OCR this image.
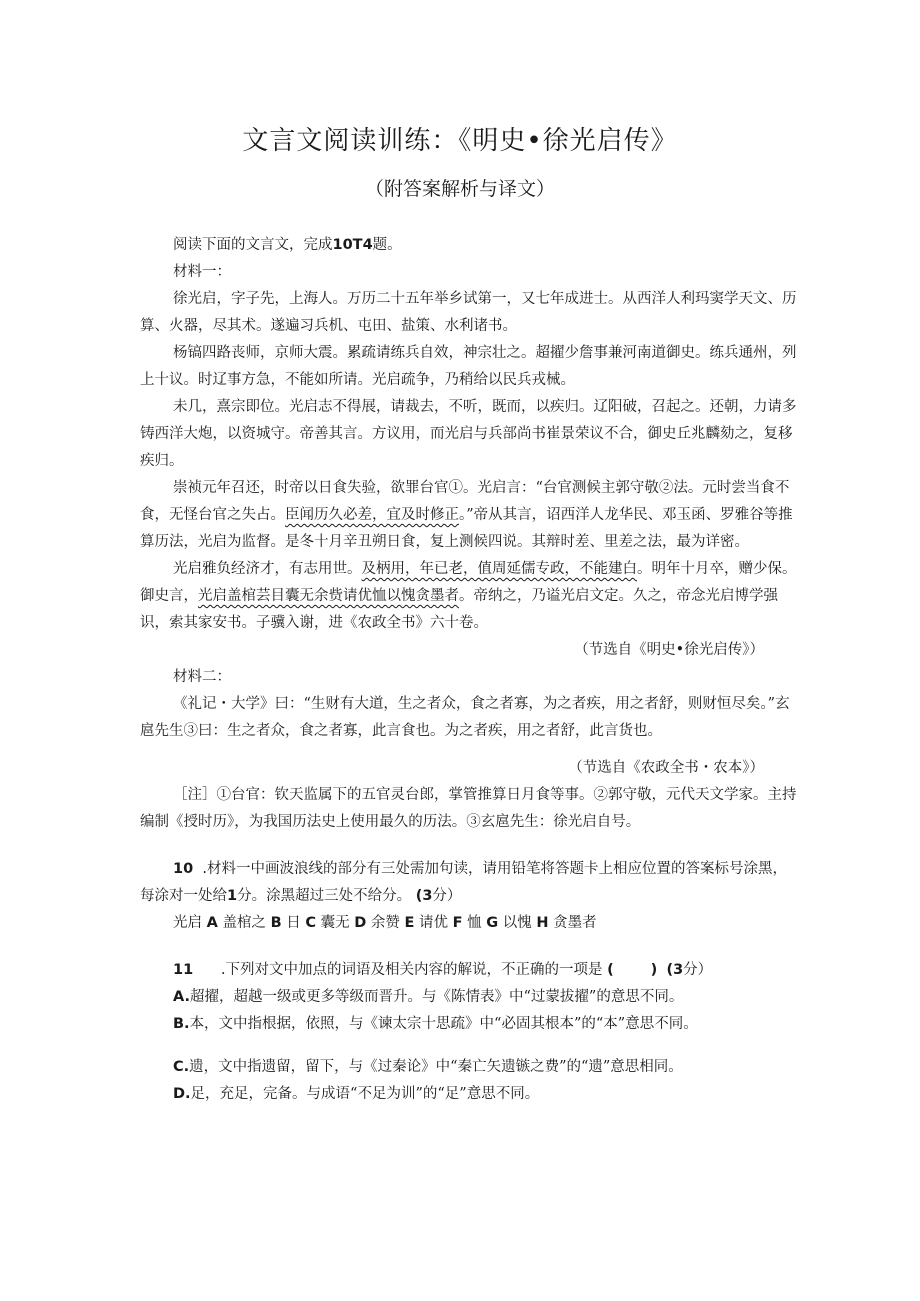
文言文阅读训练：《明史•徐光启传》
（附答案解析与译文）

阅读下面的文言文，完成10T4题。

材料一：

徐光启，字子先，上海人。万历二十五年举乡试第一，又七年成进士。从西洋人利玛窦学天文、历算、火器，尽其术。遂遍习兵机、屯田、盐策、水利诸书。

杨镐四路丧师，京师大震。累疏请练兵自效，神宗壮之。超擢少詹事兼河南道御史。练兵通州，列上十议。时辽事方急，不能如所请。光启疏争，乃稍给以民兵戎械。

未几，熹宗即位。光启志不得展，请裁去，不听，既而，以疾归。辽阳破，召起之。还朝，力请多铸西洋大炮，以资城守。帝善其言。方议用，而光启与兵部尚书崔景荣议不合，御史丘兆麟劾之，复移疾归。

崇祯元年召还，时帝以日食失验，欲罪台官①。光启言：“台官测候主郭守敬②法。元时尝当食不食，无怪台官之失占。臣闻历久必差，宜及时修正。”帝从其言，诏西洋人龙华民、邓玉函、罗雅谷等推算历法，光启为监督。是冬十月辛丑朔日食，复上测候四说。其辩时差、里差之法，最为详密。

光启雅负经济才，有志用世。及柄用，年已老，值周延儒专政，不能建白。明年十月卒，赠少保。御史言，光启盖棺芸目囊无余赀请优恤以愧贪墨者。帝纳之，乃谥光启文定。久之，帝念光启博学强识，索其家安书。子骥入谢，进《农政全书》六十卷。

（节选自《明史•徐光启传》）

材料二：

《礼记・大学》曰：“生财有大道，生之者众，食之者寡，为之者疾，用之者舒，则财恒尽矣。”玄扈先生③曰：生之者众，食之者寡，此言食也。为之者疾，用之者舒，此言货也。

（节选自《农政全书・农本》）

［注］①台官：钦天监属下的五官灵台郎，掌管推算日月食等事。②郭守敬，元代天文学家。主持编制《授时历》，为我国历法史上使用最久的历法。③玄扈先生：徐光启自号。

10 .材料一中画波浪线的部分有三处需加句读，请用铅笔将答题卡上相应位置的答案标号涂黑，每涂对一处给1分。涂黑超过三处不给分。 (3分）

光启 A 盖棺之 B 日 C 囊无 D 余赞 E 请优 F 恤 G 以愧 H 贪墨者

11 .下列对文中加点的词语及相关内容的解说，不正确的一项是 (	) (3分）

A.超擢，超越一级或更多等级而晋升。与《陈情表》中“过蒙拔擢”的意思不同。

B.本，文中指根据，依照，与《谏太宗十思疏》中“必固其根本”的“本”意思不同。

C.遗，文中指遗留，留下，与《过秦论》中“秦亡矢遗镞之费”的“遗”意思相同。

D.足，充足，完备。与成语“不足为训”的“足”意思不同。
